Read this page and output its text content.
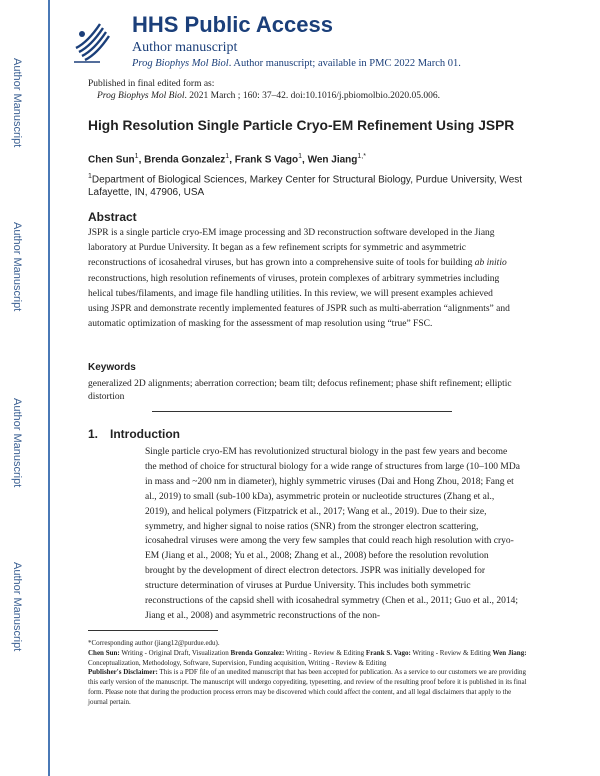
Author Manuscript
Author Manuscript
Author Manuscript
Author Manuscript
HHS Public Access
Author manuscript
Prog Biophys Mol Biol. Author manuscript; available in PMC 2022 March 01.
Published in final edited form as:
Prog Biophys Mol Biol. 2021 March ; 160: 37–42. doi:10.1016/j.pbiomolbio.2020.05.006.
High Resolution Single Particle Cryo-EM Refinement Using JSPR
Chen Sun$^1$, Brenda Gonzalez$^1$, Frank S Vago$^1$, Wen Jiang$^{1,*}$
$^1$Department of Biological Sciences, Markey Center for Structural Biology, Purdue University, West Lafayette, IN, 47906, USA
Abstract
JSPR is a single particle cryo-EM image processing and 3D reconstruction software developed in the Jiang laboratory at Purdue University. It began as a few refinement scripts for symmetric and asymmetric reconstructions of icosahedral viruses, but has grown into a comprehensive suite of tools for building ab initio reconstructions, high resolution refinements of viruses, protein complexes of arbitrary symmetries including helical tubes/filaments, and image file handling utilities. In this review, we will present examples achieved using JSPR and demonstrate recently implemented features of JSPR such as multi-aberration “alignments” and automatic optimization of masking for the assessment of map resolution using “true” FSC.
Keywords
generalized 2D alignments; aberration correction; beam tilt; defocus refinement; phase shift refinement; elliptic distortion
1. Introduction
Single particle cryo-EM has revolutionized structural biology in the past few years and become the method of choice for structural biology for a wide range of structures from large (10–100 MDa in mass and ~200 nm in diameter), highly symmetric viruses (Dai and Hong Zhou, 2018; Fang et al., 2019) to small (sub-100 kDa), asymmetric protein or nucleotide structures (Zhang et al., 2019), and helical polymers (Fitzpatrick et al., 2017; Wang et al., 2019). Due to their size, symmetry, and higher signal to noise ratios (SNR) from the stronger electron scattering, icosahedral viruses were among the very few samples that could reach high resolution with cryo-EM (Jiang et al., 2008; Yu et al., 2008; Zhang et al., 2008) before the resolution revolution brought by the development of direct electron detectors. JSPR was initially developed for structure determination of viruses at Purdue University. This includes both symmetric reconstructions of the capsid shell with icosahedral symmetry (Chen et al., 2011; Guo et al., 2014; Jiang et al., 2008) and asymmetric reconstructions of the non-
*Corresponding author (jiang12@purdue.edu).
Chen Sun: Writing - Original Draft, Visualization Brenda Gonzalez: Writing - Review & Editing Frank S. Vago: Writing - Review & Editing Wen Jiang: Conceptualization, Methodology, Software, Supervision, Funding acquisition, Writing - Review & Editing
Publisher's Disclaimer: This is a PDF file of an unedited manuscript that has been accepted for publication. As a service to our customers we are providing this early version of the manuscript. The manuscript will undergo copyediting, typesetting, and review of the resulting proof before it is published in its final form. Please note that during the production process errors may be discovered which could affect the content, and all legal disclaimers that apply to the journal pertain.
